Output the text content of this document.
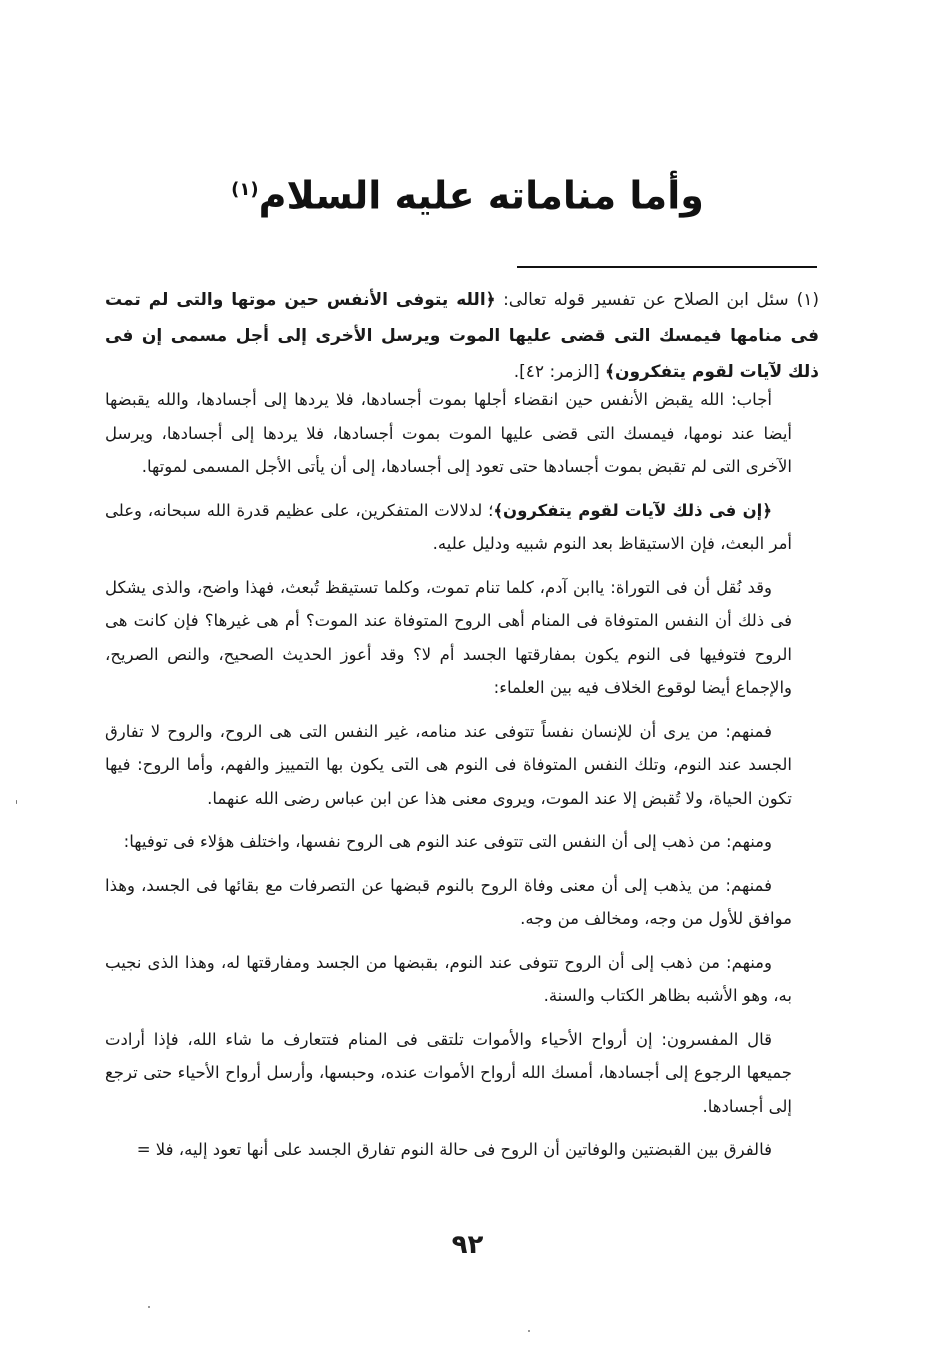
وأما مناماته عليه السلام$^{(١)}$

(١)سئل ابن الصلاح عن تفسير قوله تعالى: ﴿الله يتوفى الأنفس حين موتها والتى لم تمت فى منامها فيمسك التى قضى عليها الموت ويرسل الأخرى إلى أجل مسمى إن فى ذلك لآيات لقوم يتفكرون﴾ [الزمر: ٤٢].

أجاب: الله يقبض الأنفس حين انقضاء أجلها بموت أجسادها، فلا يردها إلى أجسادها، والله يقبضها أيضا عند نومها، فيمسك التى قضى عليها الموت بموت أجسادها، فلا يردها إلى أجسادها، ويرسل الآخرى التى لم تقبض بموت أجسادها حتى تعود إلى أجسادها، إلى أن يأتى الأجل المسمى لموتها.

﴿إن فى ذلك لآيات لقوم يتفكرون﴾؛ لدلالات المتفكرين، على عظيم قدرة الله سبحانه، وعلى أمر البعث، فإن الاستيقاظ بعد النوم شبيه ودليل عليه.

وقد نُقل أن فى التوراة: ياابن آدم، كلما تنام تموت، وكلما تستيقظ تُبعث، فهذا واضح، والذى يشكل فى ذلك أن النفس المتوفاة فى المنام أهى الروح المتوفاة عند الموت؟ أم هى غيرها؟ فإن كانت هى الروح فتوفيها فى النوم يكون بمفارقتها الجسد أم لا؟ وقد أعوز الحديث الصحيح، والنص الصريح، والإجماع أيضا لوقوع الخلاف فيه بين العلماء:

فمنهم: من يرى أن للإنسان نفساً تتوفى عند منامه، غير النفس التى هى الروح، والروح لا تفارق الجسد عند النوم، وتلك النفس المتوفاة فى النوم هى التى يكون بها التمييز والفهم، وأما الروح: فيها تكون الحياة، ولا تُقبض إلا عند الموت، ويروى معنى هذا عن ابن عباس رضى الله عنهما.

ومنهم: من ذهب إلى أن النفس التى تتوفى عند النوم هى الروح نفسها، واختلف هؤلاء فى توفيها:

فمنهم: من يذهب إلى أن معنى وفاة الروح بالنوم قبضها عن التصرفات مع بقائها فى الجسد، وهذا موافق للأول من وجه، ومخالف من وجه.

ومنهم: من ذهب إلى أن الروح تتوفى عند النوم، بقبضها من الجسد ومفارقتها له، وهذا الذى نجيب به، وهو الأشبه بظاهر الكتاب والسنة.

قال المفسرون: إن أرواح الأحياء والأموات تلتقى فى المنام فتتعارف ما شاء الله، فإذا أرادت جميعها الرجوع إلى أجسادها، أمسك الله أرواح الأموات عنده، وحبسها، وأرسل أرواح الأحياء حتى ترجع إلى أجسادها.

فالفرق بين القبضتين والوفاتين أن الروح فى حالة النوم تفارق الجسد على أنها تعود إليه، فلا =

٩٢
